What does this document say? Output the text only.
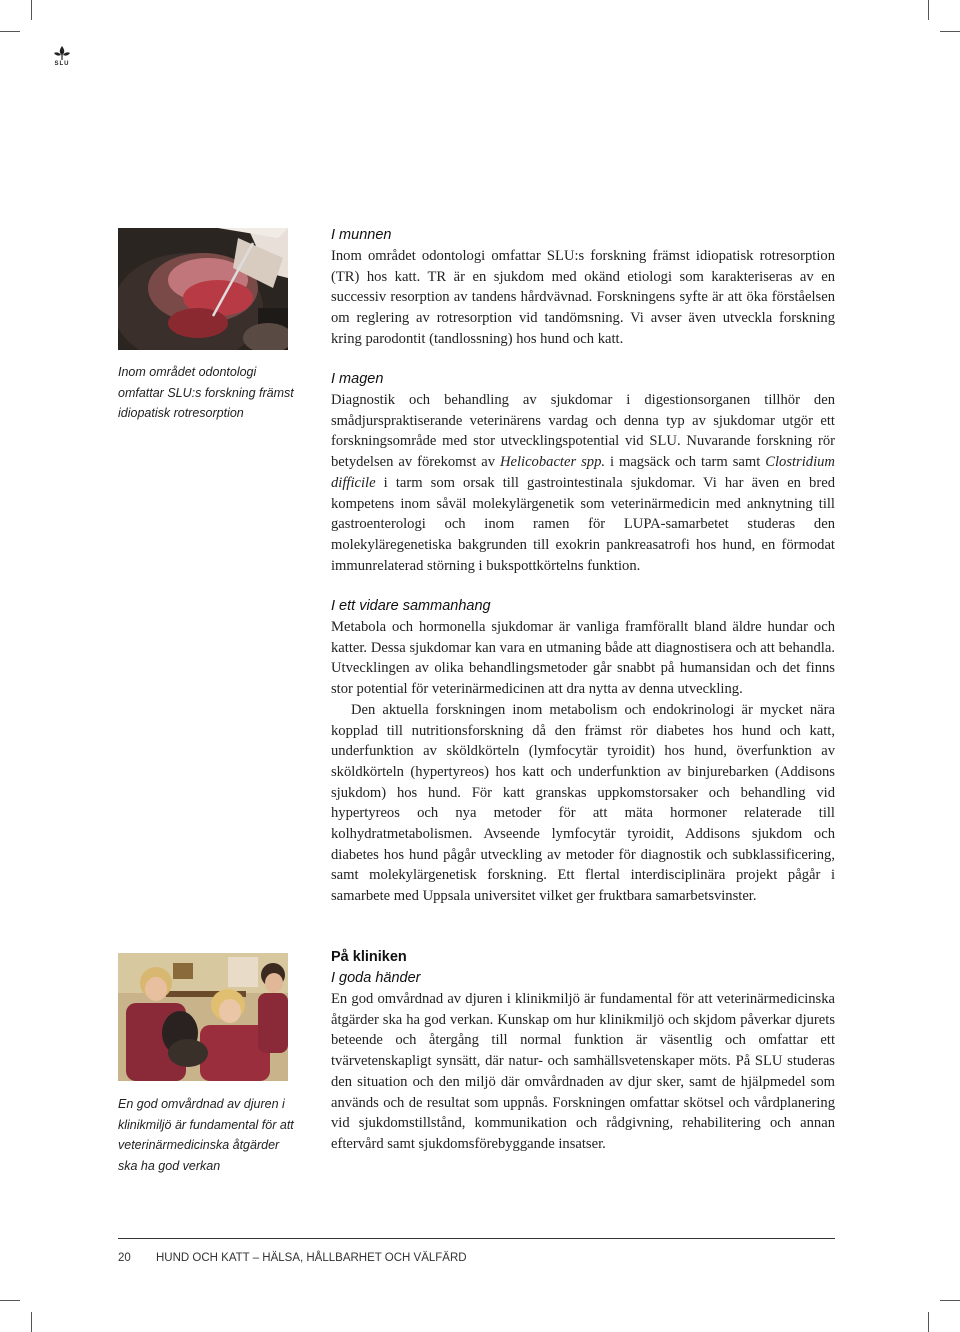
SLU
Inom området odontologi omfattar SLU:s forskning främst idiopatisk rotresorption
En god omvårdnad av djuren i klinikmiljö är fundamental för att veterinärmedicinska åtgärder ska ha god verkan
I munnen

Inom området odontologi omfattar SLU:s forskning främst idiopatisk rotresorption (TR) hos katt. TR är en sjukdom med okänd etiologi som karakteriseras av en successiv resorption av tandens hårdvävnad. Forskningens syfte är att öka förståelsen om reglering av rotresorption vid tandömsning. Vi avser även utveckla forskning kring parodontit (tandlossning) hos hund och katt.

I magen

Diagnostik och behandling av sjukdomar i digestionsorganen tillhör den smådjurspraktiserande veterinärens vardag och denna typ av sjukdomar utgör ett forskningsområde med stor utvecklingspotential vid SLU. Nuvarande forskning rör betydelsen av förekomst av Helicobacter spp. i magsäck och tarm samt Clostridium difficile i tarm som orsak till gastrointestinala sjukdomar. Vi har även en bred kompetens inom såväl molekylärgenetik som veterinärmedicin med anknytning till gastroenterologi och inom ramen för LUPA-samarbetet studeras den molekyläregenetiska bakgrunden till exokrin pankreasatrofi hos hund, en förmodat immunrelaterad störning i bukspottkörtelns funktion.

I ett vidare sammanhang

Metabola och hormonella sjukdomar är vanliga framförallt bland äldre hundar och katter. Dessa sjukdomar kan vara en utmaning både att diagnostisera och att behandla. Utvecklingen av olika behandlingsmetoder går snabbt på humansidan och det finns stor potential för veterinärmedicinen att dra nytta av denna utveckling.

Den aktuella forskningen inom metabolism och endokrinologi är mycket nära kopplad till nutritionsforskning då den främst rör diabetes hos hund och katt, underfunktion av sköldkörteln (lymfocytär tyroidit) hos hund, överfunktion av sköldkörteln (hypertyreos) hos katt och underfunktion av binjurebarken (Addisons sjukdom) hos hund. För katt granskas uppkomstorsaker och behandling vid hypertyreos och nya metoder för att mäta hormoner relaterade till kolhydratmetabolismen. Avseende lymfocytär tyroidit, Addisons sjukdom och diabetes hos hund pågår utveckling av metoder för diagnostik och subklassificering, samt molekylärgenetisk forskning. Ett flertal interdisciplinära projekt pågår i samarbete med Uppsala universitet vilket ger fruktbara samarbetsvinster.

På kliniken
I goda händer

En god omvårdnad av djuren i klinikmiljö är fundamental för att veterinärmedicinska åtgärder ska ha god verkan. Kunskap om hur klinikmiljö och skjdom påverkar djurets beteende och återgång till normal funktion är väsentlig och omfattar ett tvärvetenskapligt synsätt, där natur- och samhällsvetenskaper möts. På SLU studeras den situation och den miljö där omvårdnaden av djur sker, samt de hjälpmedel som används och de resultat som uppnås. Forskningen omfattar skötsel och vårdplanering vid sjukdomstillstånd, kommunikation och rådgivning, rehabilitering och annan eftervård samt sjukdomsförebyggande insatser.

20 HUND OCH KATT – HÄLSA, HÅLLBARHET OCH VÄLFÄRD
